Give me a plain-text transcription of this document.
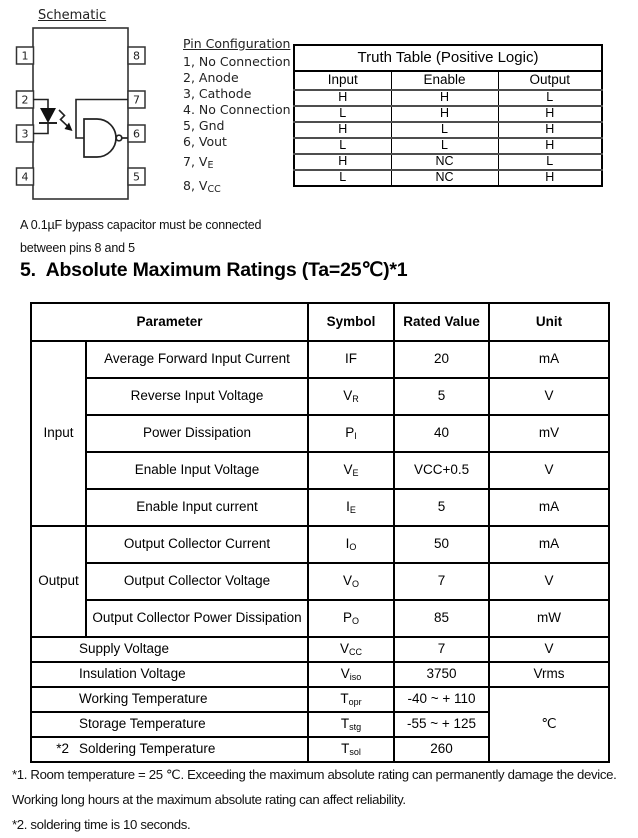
Schematic
1
2
3
4
8
7
6
5
Pin Configuration
1, No Connection
2, Anode
3, Cathode
4. No Connection
5, Gnd
6, Vout
7, $V_E$
8, $V_{CC}$
Truth Table (Positive Logic)		
Input	Enable	Output
H	H	L
L	H	H
H	L	H
L	L	H
H	NC	L
L	NC	H
A 0.1µF bypass capacitor must be connected
between pins 8 and 5
5.  Absolute Maximum Ratings (Ta=25℃)*1
Parameter		Symbol	Rated Value	Unit
Input	Average Forward Input Current	IF	20	mA
	Reverse Input Voltage	$V_R$	5	V
	Power Dissipation	$P_I$	40	mV
	Enable Input Voltage	$V_E$	VCC+0.5	V
	Enable Input current	$I_E$	5	mA
Output	Output Collector Current	$I_O$	50	mA
	Output Collector Voltage	$V_O$	7	V
	Output Collector Power Dissipation	$P_O$	85	mW

Supply Voltage		$V_{CC}$	7	V

Insulation Voltage		$V_{iso}$	3750	Vrms

Working Temperature		$T_{opr}$	-40 ~ + 110	℃

Storage Temperature		$T_{stg}$	-55 ~ + 125	

*2 Soldering Temperature		$T_{sol}$	260	
*1. Room temperature = 25 ℃. Exceeding the maximum absolute rating can permanently damage the device.
Working long hours at the maximum absolute rating can affect reliability.
*2. soldering time is 10 seconds.
